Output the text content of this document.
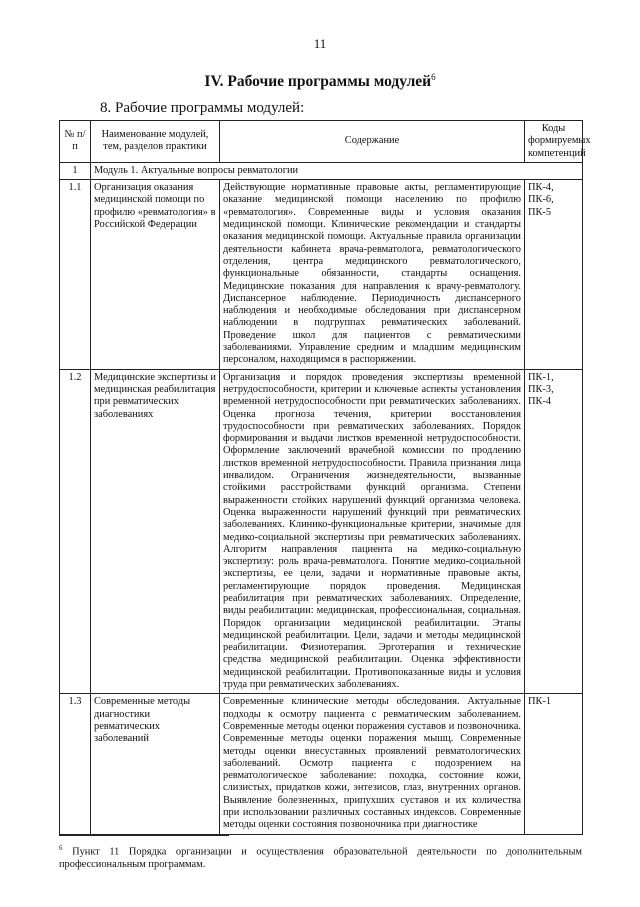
11
IV. Рабочие программы модулей$^6$
8. Рабочие программы модулей:
№ п/п	Наименование модулей, тем, разделов практики	Содержание	Коды формируемых компетенций
1	Модуль 1. Актуальные вопросы ревматологии		
1.1	Организация оказания медицинской помощи по профилю «ревматология» в Российской Федерации	Действующие нормативные правовые акты, регламентирующие оказание медицинской помощи населению по профилю «ревматология». Современные виды и условия оказания медицинской помощи. Клинические рекомендации и стандарты оказания медицинской помощи. Актуальные правила организации деятельности кабинета врача-ревматолога, ревматологического отделения, центра медицинского ревматологического, функциональные обязанности, стандарты оснащения. Медицинские показания для направления к врачу-ревматологу. Диспансерное наблюдение. Периодичность диспансерного наблюдения и необходимые обследования при диспансерном наблюдении в подгруппах ревматических заболеваний. Проведение школ для пациентов с ревматическими заболеваниями. Управление средним и младшим медицинским персоналом, находящимся в распоряжении.	ПК-4, ПК-6, ПК-5
1.2	Медицинские экспертизы и медицинская реабилитация при ревматических заболеваниях	Организация и порядок проведения экспертизы временной нетрудоспособности, критерии и ключевые аспекты установления временной нетрудоспособности при ревматических заболеваниях. Оценка прогноза течения, критерии восстановления трудоспособности при ревматических заболеваниях. Порядок формирования и выдачи листков временной нетрудоспособности. Оформление заключений врачебной комиссии по продлению листков временной нетрудоспособности. Правила признания лица инвалидом. Ограничения жизнедеятельности, вызванные стойкими расстройствами функций организма. Степени выраженности стойких нарушений функций организма человека. Оценка выраженности нарушений функций при ревматических заболеваниях. Клинико-функциональные критерии, значимые для медико-социальной экспертизы при ревматических заболеваниях. Алгоритм направления пациента на медико-социальную экспертизу: роль врача-ревматолога. Понятие медико-социальной экспертизы, ее цели, задачи и нормативные правовые акты, регламентирующие порядок проведения. Медицинская реабилитация при ревматических заболеваниях. Определение, виды реабилитации: медицинская, профессиональная, социальная. Порядок организации медицинской реабилитации. Этапы медицинской реабилитации. Цели, задачи и методы медицинской реабилитации. Физиотерапия. Эрготерапия и технические средства медицинской реабилитации. Оценка эффективности медицинской реабилитации. Противопоказанные виды и условия труда при ревматических заболеваниях.	ПК-1, ПК-3, ПК-4
1.3	Современные методы диагностики ревматических заболеваний	Современные клинические методы обследования. Актуальные подходы к осмотру пациента с ревматическим заболеванием. Современные методы оценки поражения суставов и позвоночника. Современные методы оценки поражения мышц. Современные методы оценки внесуставных проявлений ревматологических заболеваний. Осмотр пациента с подозрением на ревматологическое заболевание: походка, состояние кожи, слизистых, придатков кожи, энтезисов, глаз, внутренних органов. Выявление болезненных, припухших суставов и их количества при использовании различных составных индексов. Современные методы оценки состояния позвоночника при диагностике	ПК-1
$^6$ Пункт 11 Порядка организации и осуществления образовательной деятельности по дополнительным профессиональным программам.
